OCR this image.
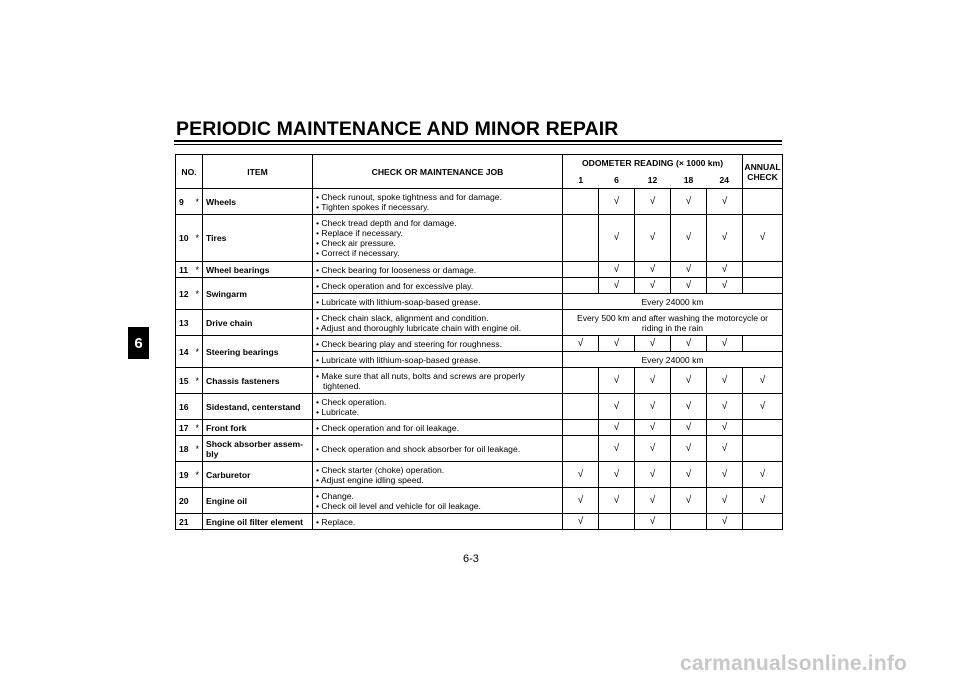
PERIODIC MAINTENANCE AND MINOR REPAIR
6
NO.		ITEM	CHECK OR MAINTENANCE JOB	ODOMETER READING (× 1000 km)					ANNUAL CHECK
				1	6	12	18	24	
9	*	Wheels	• Check runout, spoke tightness and for damage.
• Tighten spokes if necessary.		√	√	√	√	
10	*	Tires	• Check tread depth and for damage.
• Replace if necessary.
• Check air pressure.
• Correct if necessary.		√	√	√	√	√
11	*	Wheel bearings	• Check bearing for looseness or damage.		√	√	√	√	
12	*	Swingarm	• Check operation and for excessive play.		√	√	√	√	

			• Lubricate with lithium-soap-based grease.	Every 24000 km					
13		Drive chain	• Check chain slack, alignment and condition.
• Adjust and thoroughly lubricate chain with engine oil.	Every 500 km and after washing the motorcycle or riding in the rain					
14	*	Steering bearings	• Check bearing play and steering for roughness.	√	√	√	√	√	

			• Lubricate with lithium-soap-based grease.	Every 24000 km					
15	*	Chassis fasteners	• Make sure that all nuts, bolts and screws are properly tightened.		√	√	√	√	√
16		Sidestand, centerstand	• Check operation.
• Lubricate.		√	√	√	√	√
17	*	Front fork	• Check operation and for oil leakage.		√	√	√	√	
18	*	Shock absorber assem-bly	• Check operation and shock absorber for oil leakage.		√	√	√	√	
19	*	Carburetor	• Check starter (choke) operation.
• Adjust engine idling speed.	√	√	√	√	√	√
20		Engine oil	• Change.
• Check oil level and vehicle for oil leakage.	√	√	√	√	√	√
21		Engine oil filter element	• Replace.	√		√		√	
6-3
carmanualsonline.info
